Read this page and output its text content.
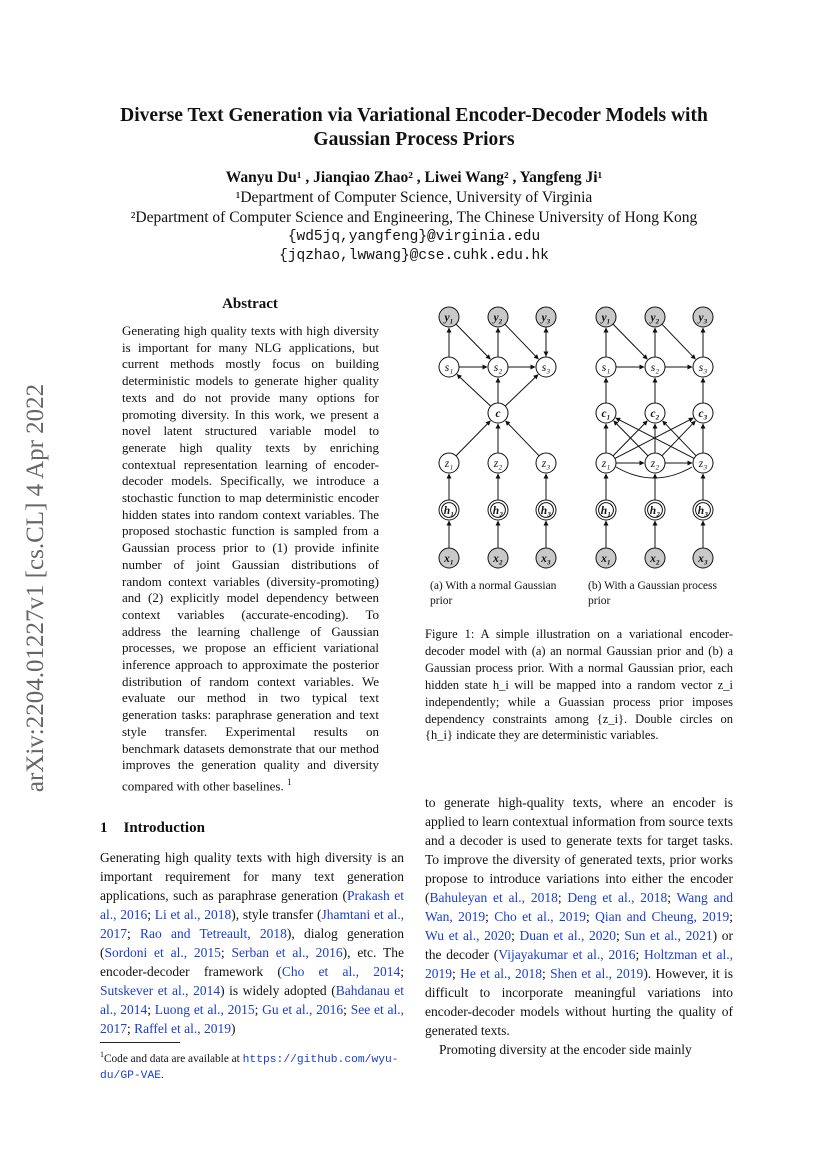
Diverse Text Generation via Variational Encoder-Decoder Models with
Gaussian Process Priors
Wanyu Du¹ , Jianqiao Zhao² , Liwei Wang² , Yangfeng Ji¹
¹Department of Computer Science, University of Virginia
²Department of Computer Science and Engineering, The Chinese University of Hong Kong
{wd5jq,yangfeng}@virginia.edu
{jqzhao,lwwang}@cse.cuhk.edu.hk
arXiv:2204.01227v1 [cs.CL] 4 Apr 2022
Abstract
Generating high quality texts with high diversity is important for many NLG applications, but current methods mostly focus on building deterministic models to generate higher quality texts and do not provide many options for promoting diversity. In this work, we present a novel latent structured variable model to generate high quality texts by enriching contextual representation learning of encoder-decoder models. Specifically, we introduce a stochastic function to map deterministic encoder hidden states into random context variables. The proposed stochastic function is sampled from a Gaussian process prior to (1) provide infinite number of joint Gaussian distributions of random context variables (diversity-promoting) and (2) explicitly model dependency between context variables (accurate-encoding). To address the learning challenge of Gaussian processes, we propose an efficient variational inference approach to approximate the posterior distribution of random context variables. We evaluate our method in two typical text generation tasks: paraphrase generation and text style transfer. Experimental results on benchmark datasets demonstrate that our method improves the generation quality and diversity compared with other baselines. $^1$
1 Introduction
Generating high quality texts with high diversity is an important requirement for many text generation applications, such as paraphrase generation (Prakash et al., 2016; Li et al., 2018), style transfer (Jhamtani et al., 2017; Rao and Tetreault, 2018), dialog generation (Sordoni et al., 2015; Serban et al., 2016), etc. The encoder-decoder framework (Cho et al., 2014; Sutskever et al., 2014) is widely adopted (Bahdanau et al., 2014; Luong et al., 2015; Gu et al., 2016; See et al., 2017; Raffel et al., 2019)
$^1$Code and data are available at https://github.com/wyu-du/GP-VAE.
y₁
s₁
z₁
h₁
x₁
y₂
s₂
z₂
h₂
x₂
y₃
s₃
z₃
h₃
x₃
c
y₁
s₁
c₁
z₁
h₁
x₁
y₂
s₂
c₂
z₂
h₂
x₂
y₃
s₃
c₃
z₃
h₃
x₃
(a) With a normal Gaussian prior
(b) With a Gaussian process prior
Figure 1: A simple illustration on a variational encoder-decoder model with (a) an normal Gaussian prior and (b) a Gaussian process prior. With a normal Gaussian prior, each hidden state h_i will be mapped into a random vector z_i independently; while a Guassian process prior imposes dependency constraints among {z_i}. Double circles on {h_i} indicate they are deterministic variables.
to generate high-quality texts, where an encoder is applied to learn contextual information from source texts and a decoder is used to generate texts for target tasks. To improve the diversity of generated texts, prior works propose to introduce variations into either the encoder (Bahuleyan et al., 2018; Deng et al., 2018; Wang and Wan, 2019; Cho et al., 2019; Qian and Cheung, 2019; Wu et al., 2020; Duan et al., 2020; Sun et al., 2021) or the decoder (Vijayakumar et al., 2016; Holtzman et al., 2019; He et al., 2018; Shen et al., 2019). However, it is difficult to incorporate meaningful variations into encoder-decoder models without hurting the quality of generated texts.
Promoting diversity at the encoder side mainly
